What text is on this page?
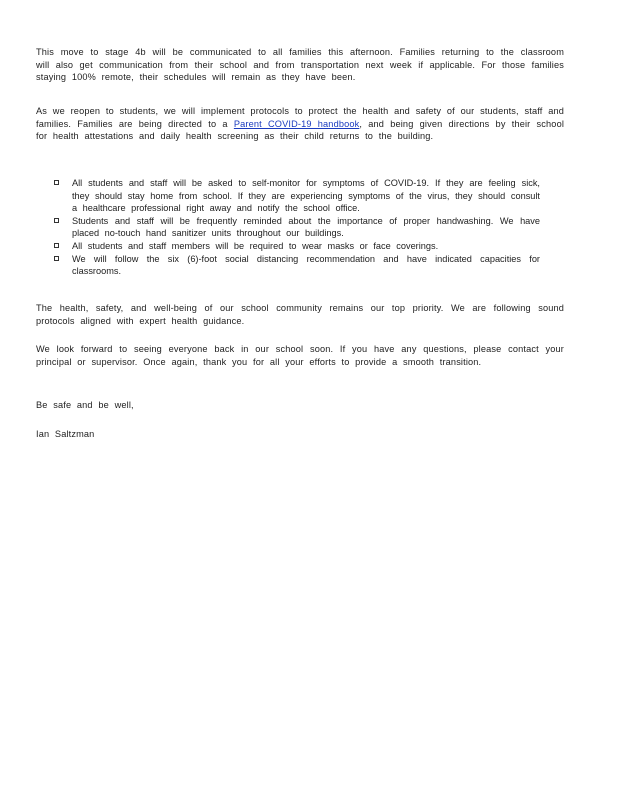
This move to stage 4b will be communicated to all families this afternoon. Families returning to the classroom will also get communication from their school and from transportation next week if applicable. For those families staying 100% remote, their schedules will remain as they have been.

As we reopen to students, we will implement protocols to protect the health and safety of our students, staff and families. Families are being directed to a Parent COVID-19 handbook, and being given directions by their school for health attestations and daily health screening as their child returns to the building.

All students and staff will be asked to self-monitor for symptoms of COVID-19. If they are feeling sick, they should stay home from school. If they are experiencing symptoms of the virus, they should consult a healthcare professional right away and notify the school office.
Students and staff will be frequently reminded about the importance of proper handwashing. We have placed no-touch hand sanitizer units throughout our buildings.
All students and staff members will be required to wear masks or face coverings.
We will follow the six (6)-foot social distancing recommendation and have indicated capacities for classrooms.

The health, safety, and well-being of our school community remains our top priority. We are following sound protocols aligned with expert health guidance.

We look forward to seeing everyone back in our school soon. If you have any questions, please contact your principal or supervisor. Once again, thank you for all your efforts to provide a smooth transition.

Be safe and be well,

Ian Saltzman
